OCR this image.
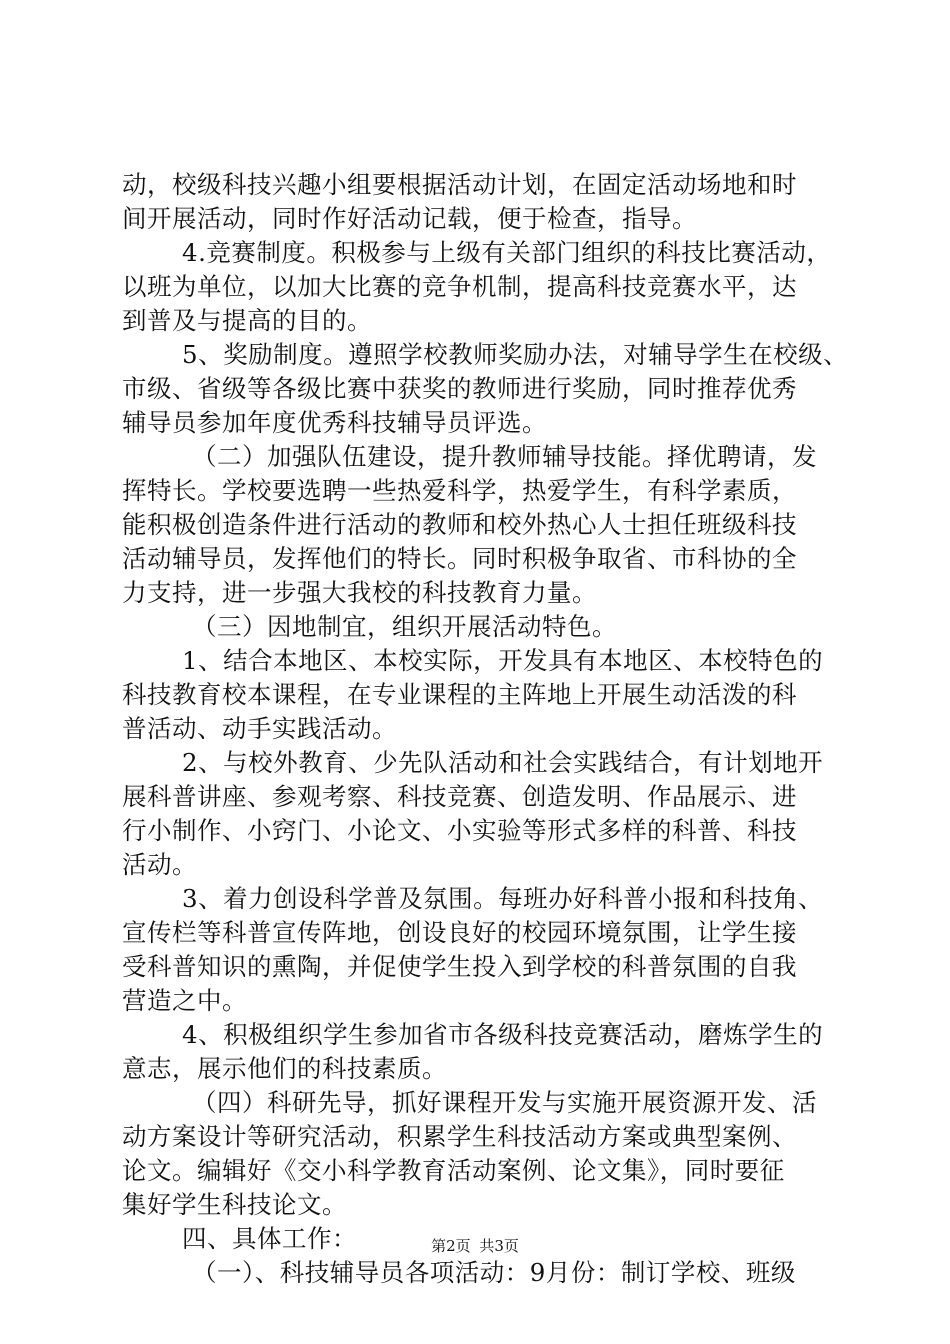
动，校级科技兴趣小组要根据活动计划，在固定活动场地和时
间开展活动，同时作好活动记载，便于检查，指导。
4.竞赛制度。积极参与上级有关部门组织的科技比赛活动，
以班为单位，以加大比赛的竞争机制，提高科技竞赛水平，达
到普及与提高的目的。
5、奖励制度。遵照学校教师奖励办法，对辅导学生在校级、
市级、省级等各级比赛中获奖的教师进行奖励，同时推荐优秀
辅导员参加年度优秀科技辅导员评选。
（二）加强队伍建设，提升教师辅导技能。择优聘请，发
挥特长。学校要选聘一些热爱科学，热爱学生，有科学素质，
能积极创造条件进行活动的教师和校外热心人士担任班级科技
活动辅导员，发挥他们的特长。同时积极争取省、市科协的全
力支持，进一步强大我校的科技教育力量。
（三）因地制宜，组织开展活动特色。
1、结合本地区、本校实际，开发具有本地区、本校特色的
科技教育校本课程，在专业课程的主阵地上开展生动活泼的科
普活动、动手实践活动。
2、与校外教育、少先队活动和社会实践结合，有计划地开
展科普讲座、参观考察、科技竞赛、创造发明、作品展示、进
行小制作、小窍门、小论文、小实验等形式多样的科普、科技
活动。
3、着力创设科学普及氛围。每班办好科普小报和科技角、
宣传栏等科普宣传阵地，创设良好的校园环境氛围，让学生接
受科普知识的熏陶，并促使学生投入到学校的科普氛围的自我
营造之中。
4、积极组织学生参加省市各级科技竞赛活动，磨炼学生的
意志，展示他们的科技素质。
（四）科研先导，抓好课程开发与实施开展资源开发、活
动方案设计等研究活动，积累学生科技活动方案或典型案例、
论文。编辑好《交小科学教育活动案例、论文集》，同时要征
集好学生科技论文。
四、具体工作：
（一）、科技辅导员各项活动：9月份：制订学校、班级
第2页 共3页
